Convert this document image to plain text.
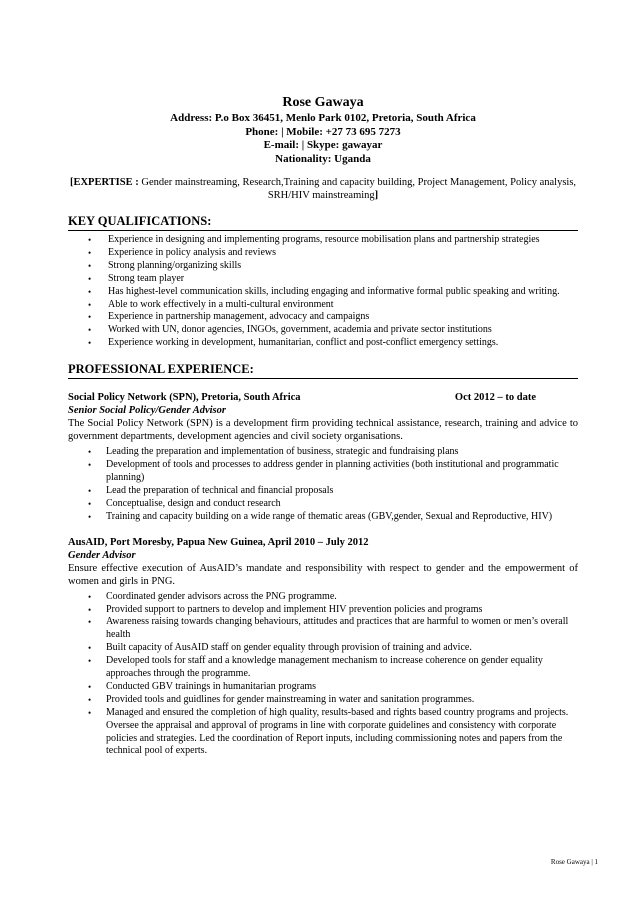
Rose Gawaya
Address: P.o Box 36451, Menlo Park 0102, Pretoria, South Africa
Phone: | Mobile: +27 73 695 7273
E-mail: | Skype: gawayar
Nationality: Uganda
[EXPERTISE : Gender mainstreaming, Research,Training and capacity building, Project Management, Policy analysis, SRH/HIV mainstreaming]
KEY QUALIFICATIONS:
• Experience in designing and implementing programs, resource mobilisation plans and partnership strategies
• Experience in policy analysis and reviews
• Strong planning/organizing skills
• Strong team player
• Has highest-level communication skills, including engaging and informative formal public speaking and writing.
• Able to work effectively in a multi-cultural environment
• Experience in partnership management, advocacy and campaigns
• Worked with UN, donor agencies, INGOs, government, academia and private sector institutions
• Experience working in development, humanitarian, conflict and post-conflict emergency settings.
PROFESSIONAL EXPERIENCE:
Social Policy Network (SPN), Pretoria, South Africa	Oct 2012 – to date
Senior Social Policy/Gender Advisor
The Social Policy Network (SPN) is a development firm providing technical assistance, research, training and advice to government departments, development agencies and civil society organisations.
• Leading the preparation and implementation of business, strategic and fundraising plans
• Development of tools and processes to address gender in planning activities (both institutional and programmatic planning)
• Lead the preparation of technical and financial proposals
• Conceptualise, design and conduct research
• Training and capacity building on a wide range of thematic areas (GBV,gender, Sexual and Reproductive, HIV)
AusAID, Port Moresby, Papua New Guinea, April 2010 – July 2012
Gender Advisor
Ensure effective execution of AusAID’s mandate and responsibility with respect to gender and the empowerment of women and girls in PNG.
• Coordinated gender advisors across the PNG programme.
• Provided support to partners to develop and implement HIV prevention policies and programs
• Awareness raising towards changing behaviours, attitudes and practices that are harmful to women or men’s overall health
• Built capacity of AusAID staff on gender equality through provision of training and advice.
• Developed tools for staff and a knowledge management mechanism to increase coherence on gender equality approaches through the programme.
• Conducted GBV trainings in humanitarian programs
• Provided tools and guidlines for gender mainstreaming in water and sanitation programmes.
• Managed and ensured the completion of high quality, results-based and rights based country programs and projects. Oversee the appraisal and approval of programs in line with corporate guidelines and consistency with corporate policies and strategies. Led the coordination of Report inputs, including commissioning notes and papers from the technical pool of experts.
Rose Gawaya | 1
